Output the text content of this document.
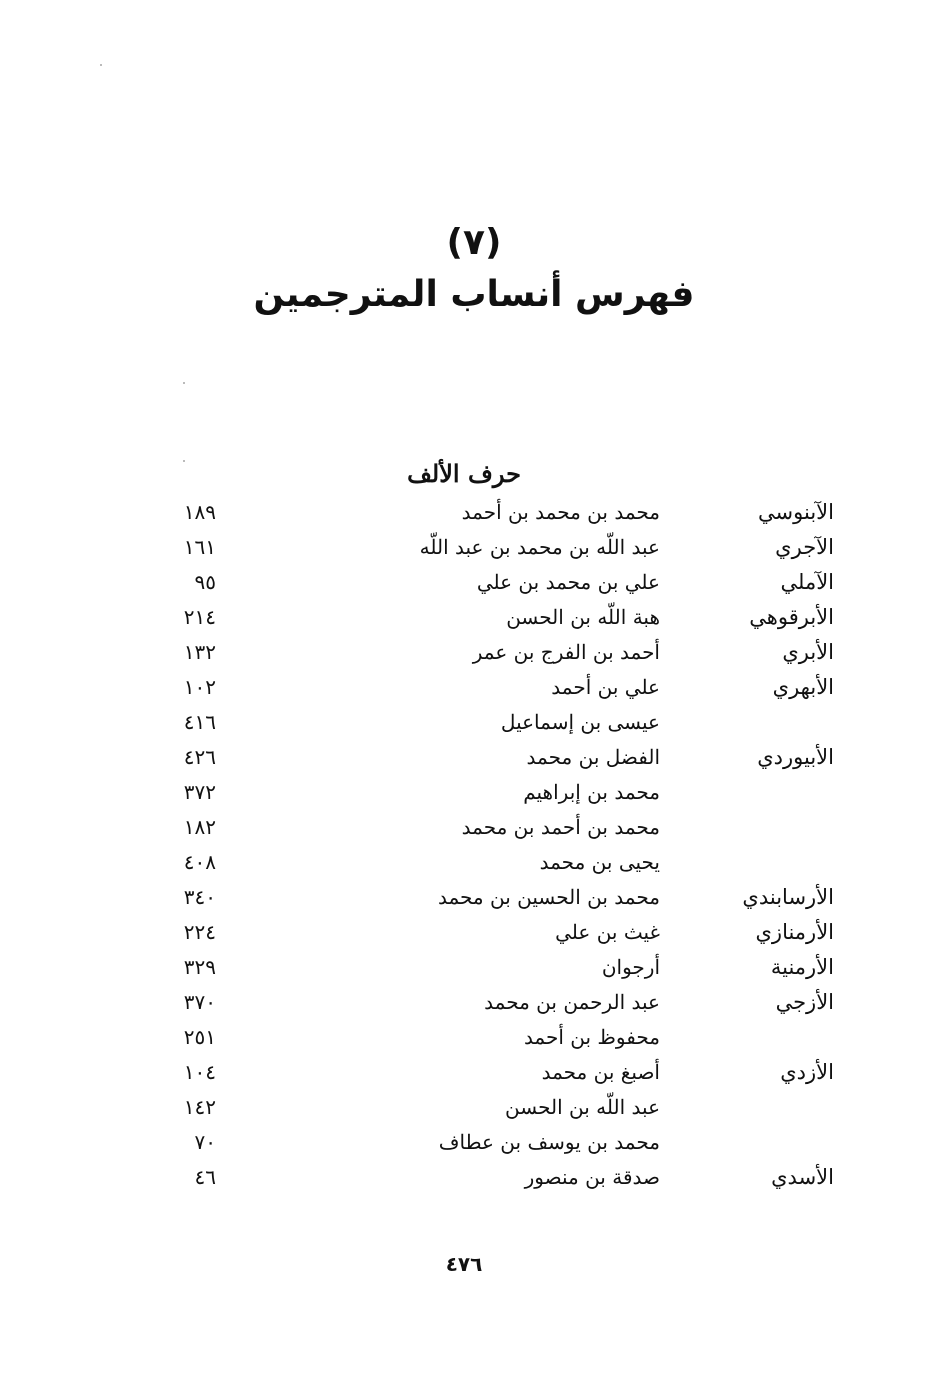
(٧)
فهرس أنساب المترجمين
حرف الألف
الآبنوسي
محمد بن محمد بن أحمد
١٨٩
الآجري
عبد اللّه بن محمد بن عبد اللّه
١٦١
الآملي
علي بن محمد بن علي
٩٥
الأبرقوهي
هبة اللّه بن الحسن
٢١٤
الأبري
أحمد بن الفرج بن عمر
١٣٢
الأبهري
علي بن أحمد
١٠٢
عيسى بن إسماعيل
٤١٦
الأبيوردي
الفضل بن محمد
٤٢٦
محمد بن إبراهيم
٣٧٢
محمد بن أحمد بن محمد
١٨٢
يحيى بن محمد
٤٠٨
الأرسابندي
محمد بن الحسين بن محمد
٣٤٠
الأرمنازي
غيث بن علي
٢٢٤
الأرمنية
أرجوان
٣٢٩
الأزجي
عبد الرحمن بن محمد
٣٧٠
محفوظ بن أحمد
٢٥١
الأزدي
أصبغ بن محمد
١٠٤
عبد اللّه بن الحسن
١٤٢
محمد بن يوسف بن عطاف
٧٠
الأسدي
صدقة بن منصور
٤٦
٤٧٦
